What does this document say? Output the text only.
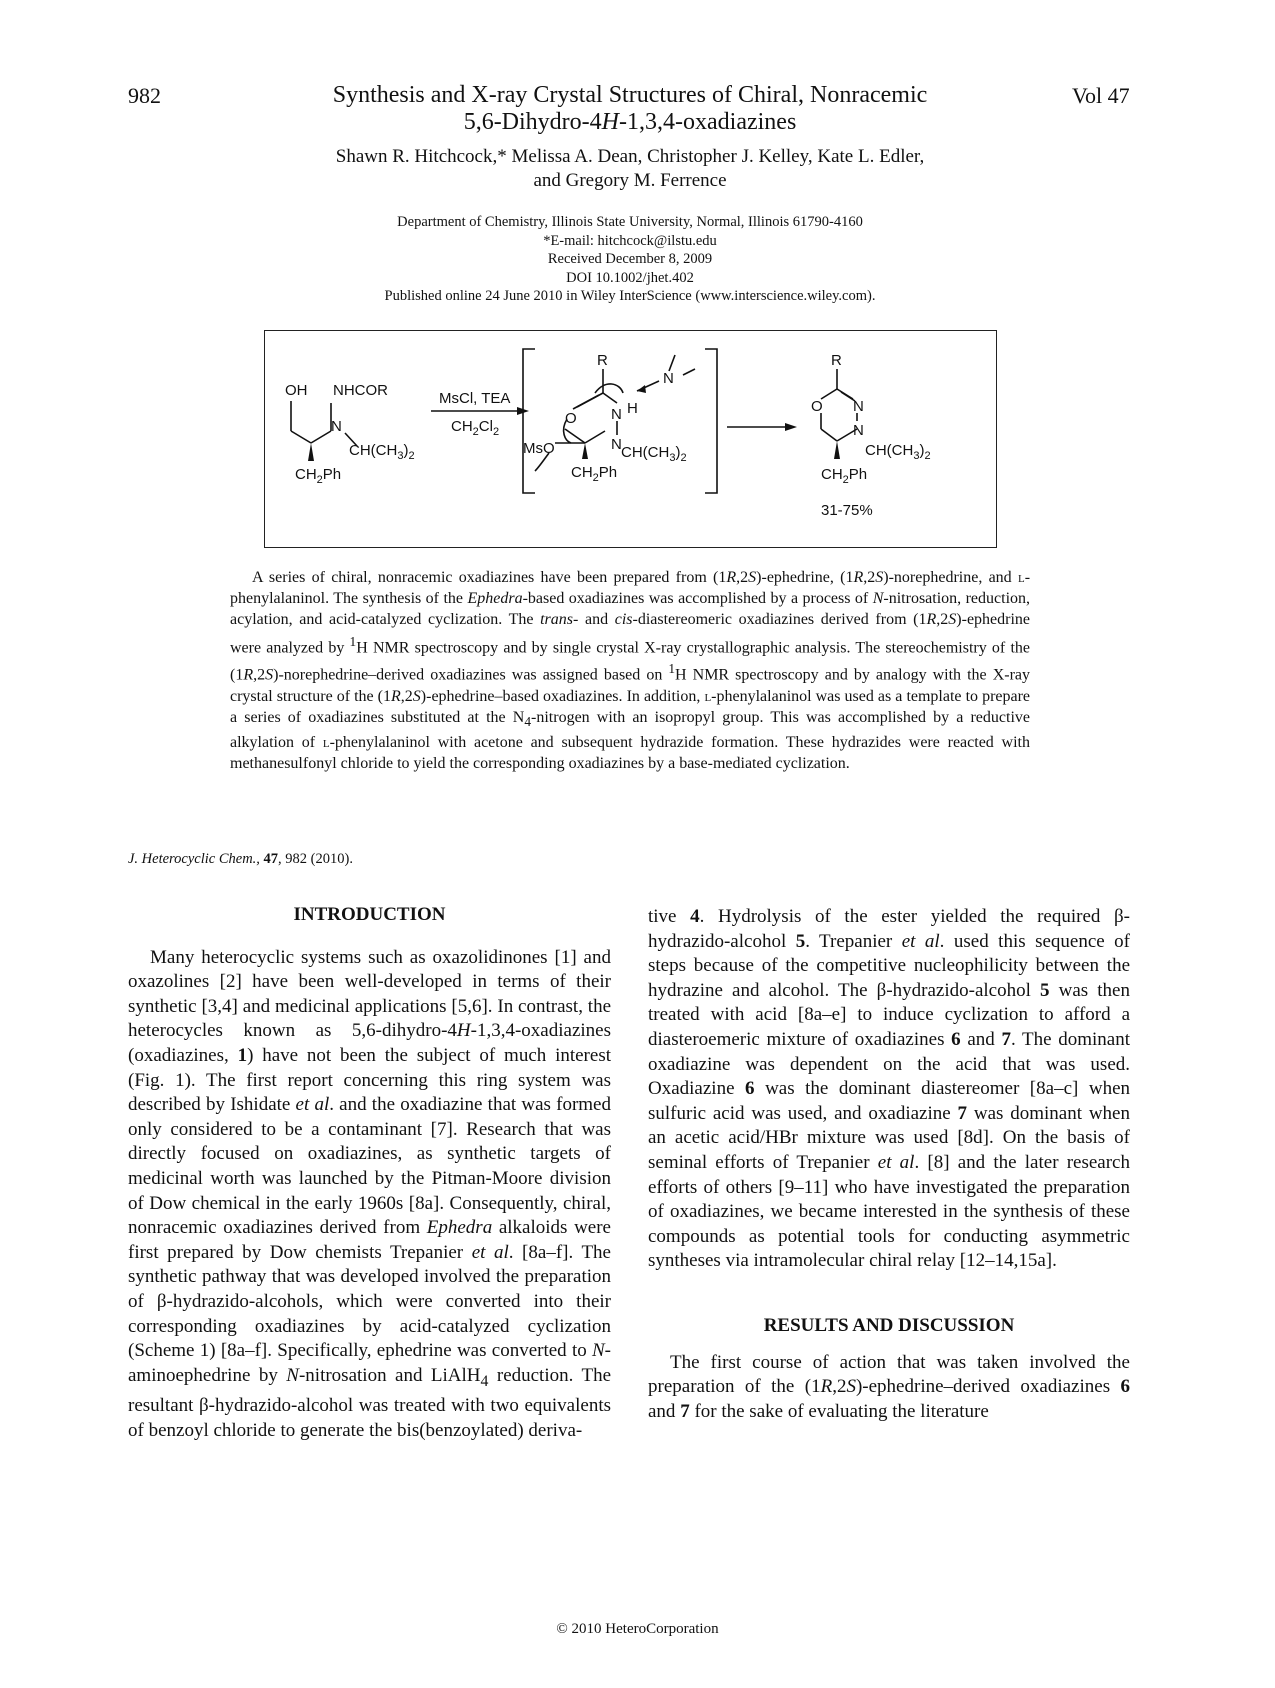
982	Vol 47
Synthesis and X-ray Crystal Structures of Chiral, Nonracemic
5,6-Dihydro-4H-1,3,4-oxadiazines
Shawn R. Hitchcock,* Melissa A. Dean, Christopher J. Kelley, Kate L. Edler,
and Gregory M. Ferrence
Department of Chemistry, Illinois State University, Normal, Illinois 61790-4160
*E-mail: hitchcock@ilstu.edu
Received December 8, 2009
DOI 10.1002/jhet.402
Published online 24 June 2010 in Wiley InterScience (www.interscience.wiley.com).
OH NHCOR
N
$CH(CH_3)_2$
$CH_2Ph$
MsCl, TEA
$CH_2Cl_2$
R
O N H
N
N
MsO	$CH(CH_3)_2$
$CH_2Ph$
R
O N
N
$CH(CH_3)_2$
$CH_2Ph$
31-75%
A series of chiral, nonracemic oxadiazines have been prepared from (1R,2S)-ephedrine, (1R,2S)-norephedrine, and l-phenylalaninol. The synthesis of the Ephedra-based oxadiazines was accomplished by a process of N-nitrosation, reduction, acylation, and acid-catalyzed cyclization. The trans- and cis-diastereomeric oxadiazines derived from (1R,2S)-ephedrine were analyzed by $^1$H NMR spectroscopy and by single crystal X-ray crystallographic analysis. The stereochemistry of the (1R,2S)-norephedrine–derived oxadiazines was assigned based on $^1$H NMR spectroscopy and by analogy with the X-ray crystal structure of the (1R,2S)-ephedrine–based oxadiazines. In addition, l-phenylalaninol was used as a template to prepare a series of oxadiazines substituted at the $N_4$-nitrogen with an isopropyl group. This was accomplished by a reductive alkylation of l-phenylalaninol with acetone and subsequent hydrazide formation. These hydrazides were reacted with methanesulfonyl chloride to yield the corresponding oxadiazines by a base-mediated cyclization.
J. Heterocyclic Chem., 47, 982 (2010).

INTRODUCTION

Many heterocyclic systems such as oxazolidinones [1] and oxazolines [2] have been well-developed in terms of their synthetic [3,4] and medicinal applications [5,6]. In contrast, the heterocycles known as 5,6-dihydro-4H-1,3,4-oxadiazines (oxadiazines, 1) have not been the subject of much interest (Fig. 1). The first report concerning this ring system was described by Ishidate et al. and the oxadiazine that was formed only considered to be a contaminant [7]. Research that was directly focused on oxadiazines, as synthetic targets of medicinal worth was launched by the Pitman-Moore division of Dow chemical in the early 1960s [8a]. Consequently, chiral, nonracemic oxadiazines derived from Ephedra alkaloids were first prepared by Dow chemists Trepanier et al. [8a–f]. The synthetic pathway that was developed involved the preparation of β-hydrazido-alcohols, which were converted into their corresponding oxadiazines by acid-catalyzed cyclization (Scheme 1) [8a–f]. Specifically, ephedrine was converted to N-aminoephedrine by N-nitrosation and LiAlH$_4$ reduction. The resultant β-hydrazido-alcohol was treated with two equivalents of benzoyl chloride to generate the bis(benzoylated) deriva-

tive 4. Hydrolysis of the ester yielded the required β-hydrazido-alcohol 5. Trepanier et al. used this sequence of steps because of the competitive nucleophilicity between the hydrazine and alcohol. The β-hydrazido-alcohol 5 was then treated with acid [8a–e] to induce cyclization to afford a diasteroemeric mixture of oxadiazines 6 and 7. The dominant oxadiazine was dependent on the acid that was used. Oxadiazine 6 was the dominant diastereomer [8a–c] when sulfuric acid was used, and oxadiazine 7 was dominant when an acetic acid/HBr mixture was used [8d]. On the basis of seminal efforts of Trepanier et al. [8] and the later research efforts of others [9–11] who have investigated the preparation of oxadiazines, we became interested in the synthesis of these compounds as potential tools for conducting asymmetric syntheses via intramolecular chiral relay [12–14,15a].

RESULTS AND DISCUSSION

The first course of action that was taken involved the preparation of the (1R,2S)-ephedrine–derived oxadiazines 6 and 7 for the sake of evaluating the literature

© 2010 HeteroCorporation
